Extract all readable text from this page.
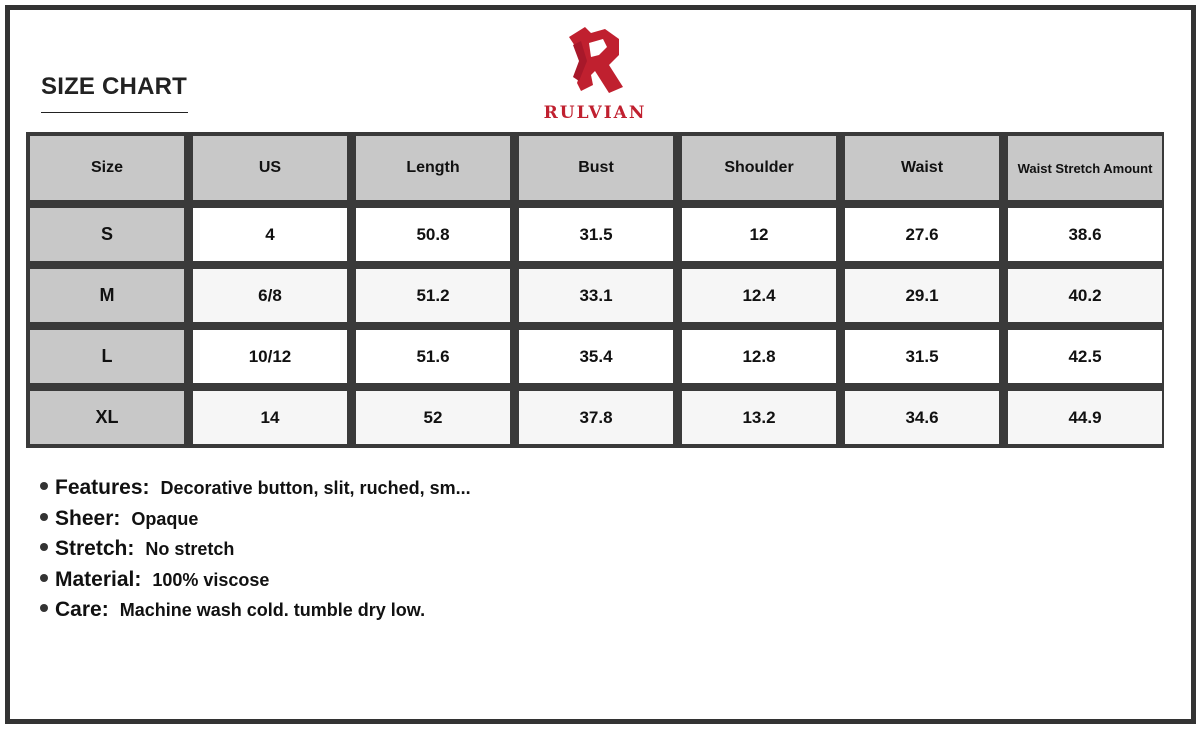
SIZE CHART
RULVIAN
Size	US	Length	Bust	Shoulder	Waist	Waist Stretch Amount
S	4	50.8	31.5	12	27.6	38.6
M	6/8	51.2	33.1	12.4	29.1	40.2
L	10/12	51.6	35.4	12.8	31.5	42.5
XL	14	52	37.8	13.2	34.6	44.9
Features: Decorative button, slit, ruched, sm...
Sheer: Opaque
Stretch: No stretch
Material: 100% viscose
Care: Machine wash cold. tumble dry low.
